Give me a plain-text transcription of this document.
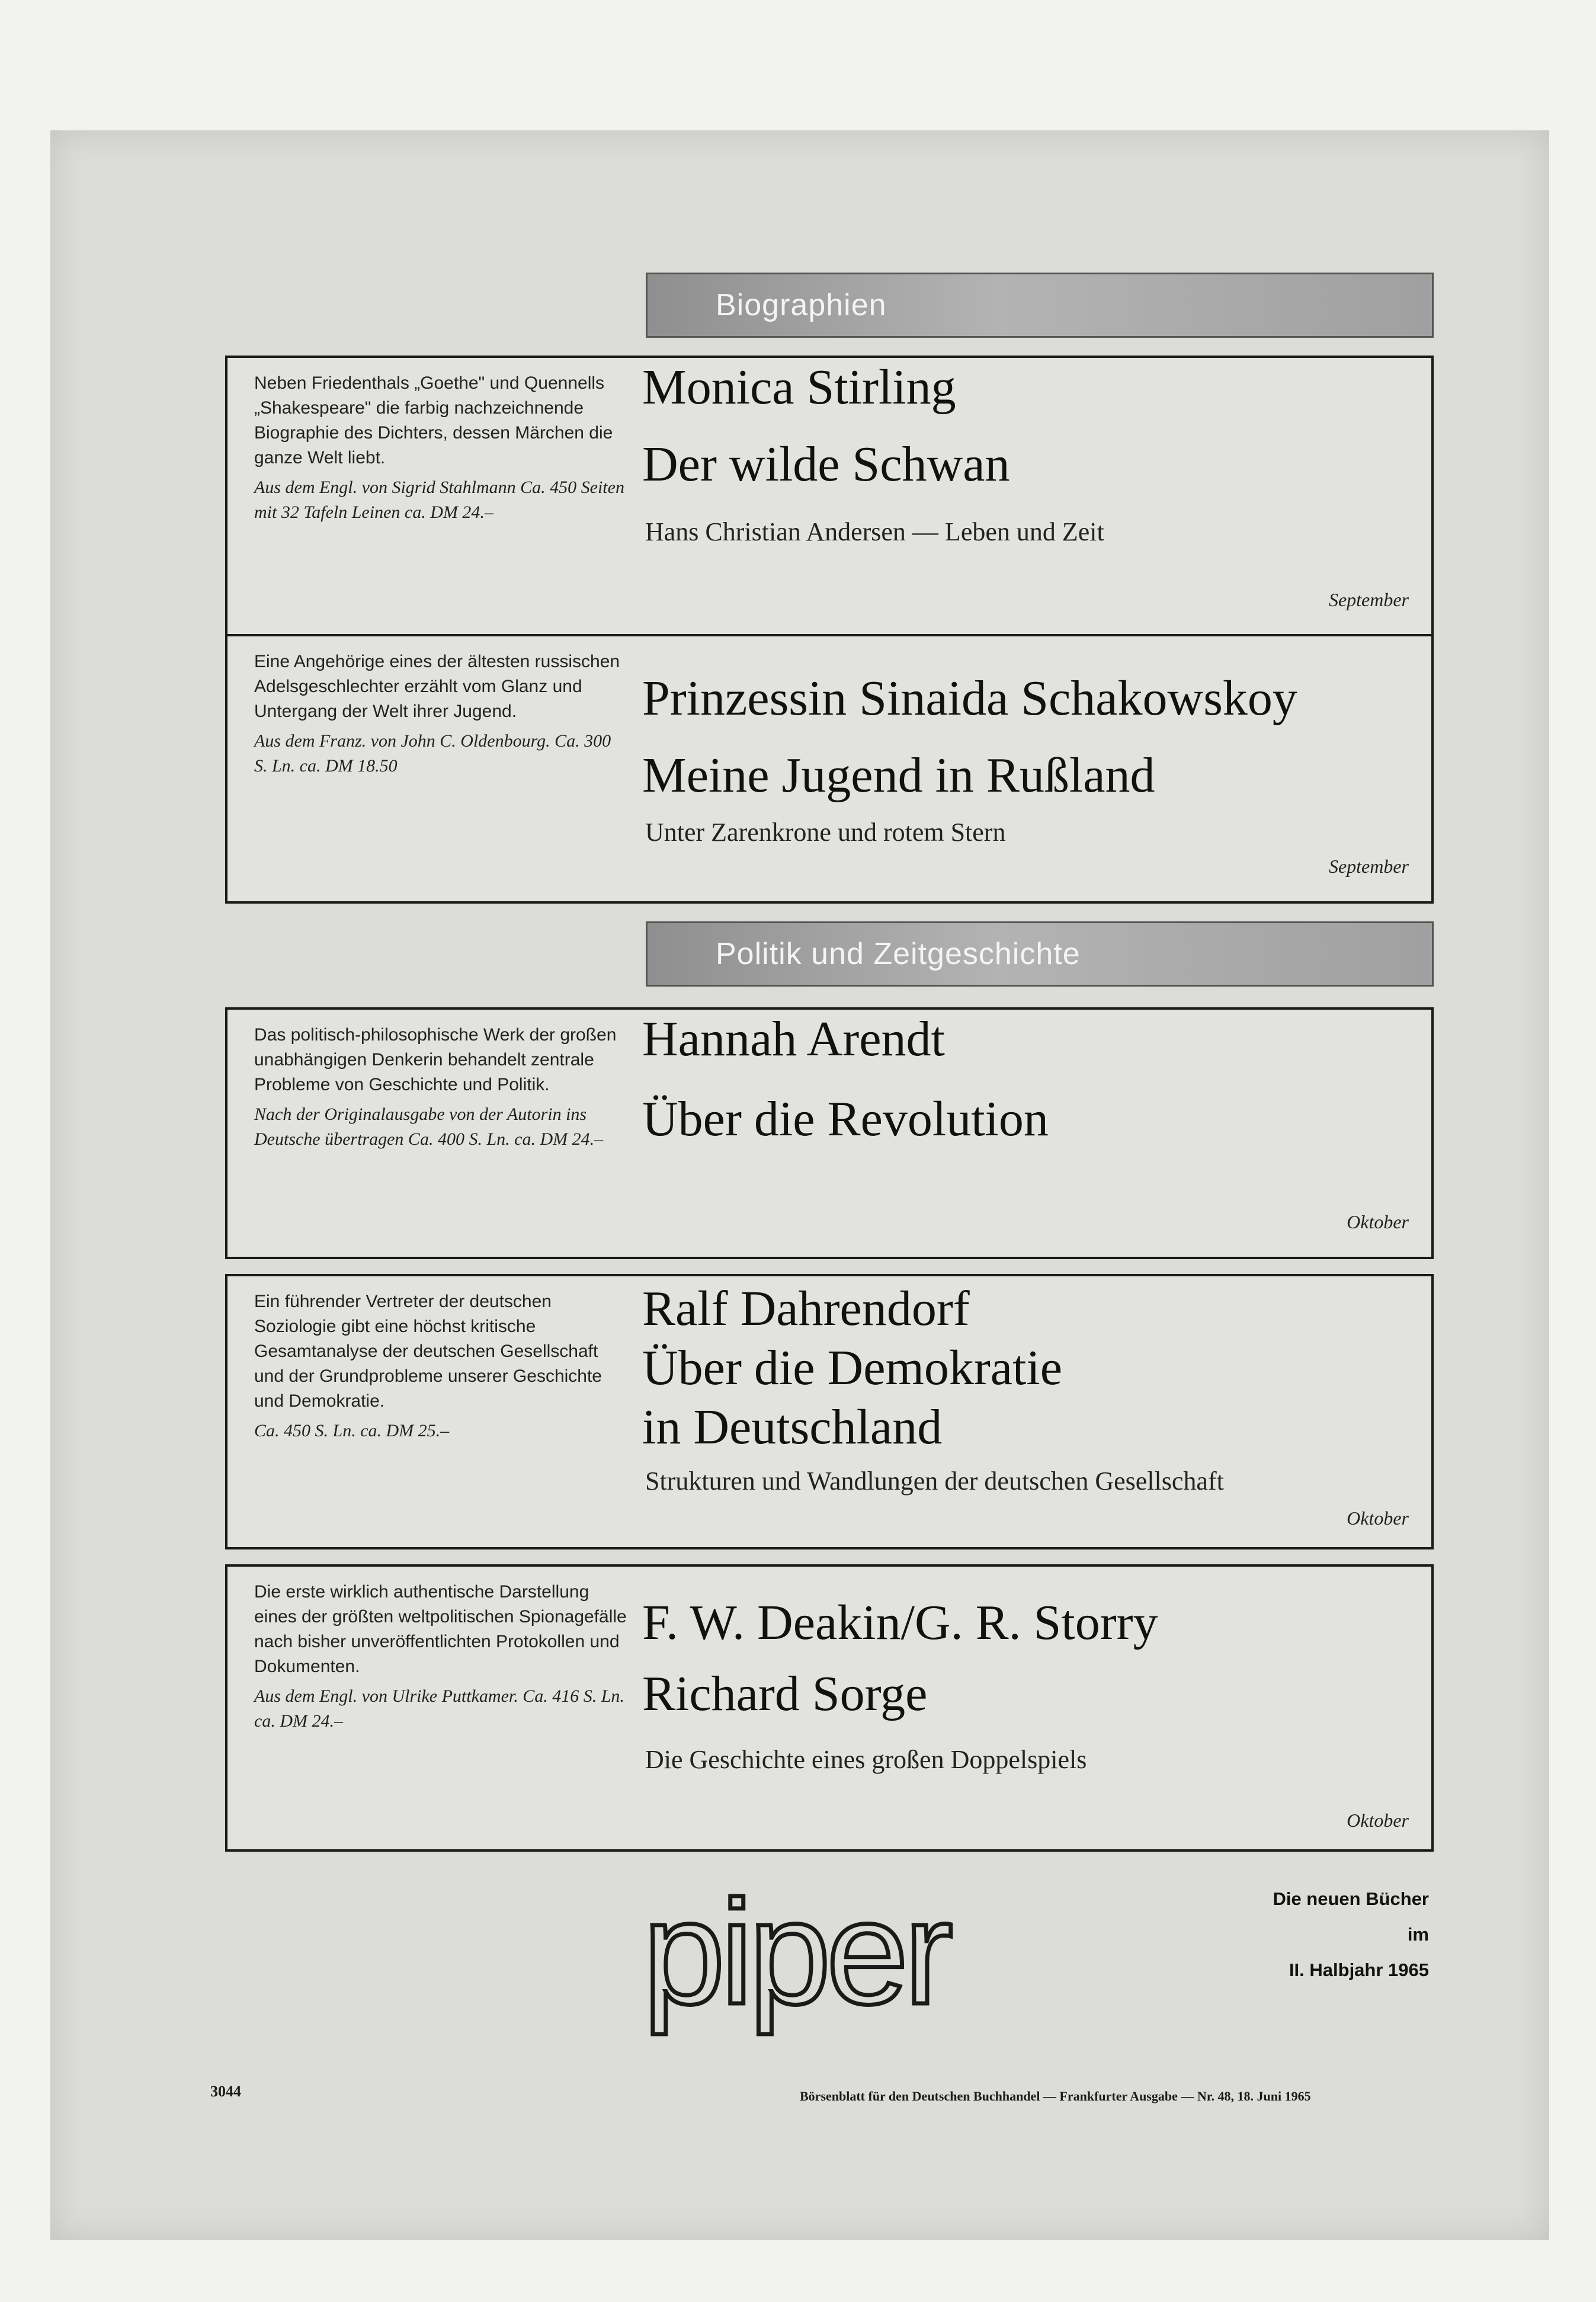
Biographien
Neben Friedenthals „Goethe" und Quennells „Shakespeare" die farbig nachzeichnende Biographie des Dichters, dessen Märchen die ganze Welt liebt.
Aus dem Engl. von Sigrid Stahlmann Ca. 450 Seiten mit 32 Tafeln Leinen ca. DM 24.–
Monica Stirling
Der wilde Schwan
Hans Christian Andersen — Leben und Zeit
September
Eine Angehörige eines der ältesten russischen Adelsgeschlechter erzählt vom Glanz und Untergang der Welt ihrer Jugend.
Aus dem Franz. von John C. Oldenbourg. Ca. 300 S. Ln. ca. DM 18.50
Prinzessin Sinaida Schakowskoy
Meine Jugend in Rußland
Unter Zarenkrone und rotem Stern
September
Politik und Zeitgeschichte
Das politisch-philosophische Werk der großen unabhängigen Denkerin behandelt zentrale Probleme von Geschichte und Politik.
Nach der Originalausgabe von der Autorin ins Deutsche übertragen Ca. 400 S. Ln. ca. DM 24.–
Hannah Arendt
Über die Revolution
Oktober
Ein führender Vertreter der deutschen Soziologie gibt eine höchst kritische Gesamtanalyse der deutschen Gesellschaft und der Grundprobleme unserer Geschichte und Demokratie.
Ca. 450 S. Ln. ca. DM 25.–
Ralf Dahrendorf
Über die Demokratie
in Deutschland
Strukturen und Wandlungen der deutschen Gesellschaft
Oktober
Die erste wirklich authentische Darstellung eines der größten weltpolitischen Spionagefälle nach bisher unveröffentlichten Protokollen und Dokumenten.
Aus dem Engl. von Ulrike Puttkamer. Ca. 416 S. Ln. ca. DM 24.–
F. W. Deakin/G. R. Storry
Richard Sorge
Die Geschichte eines großen Doppelspiels
Oktober
piper	Die neuen Bücher
im
II. Halbjahr 1965
3044	Börsenblatt für den Deutschen Buchhandel — Frankfurter Ausgabe — Nr. 48, 18. Juni 1965
